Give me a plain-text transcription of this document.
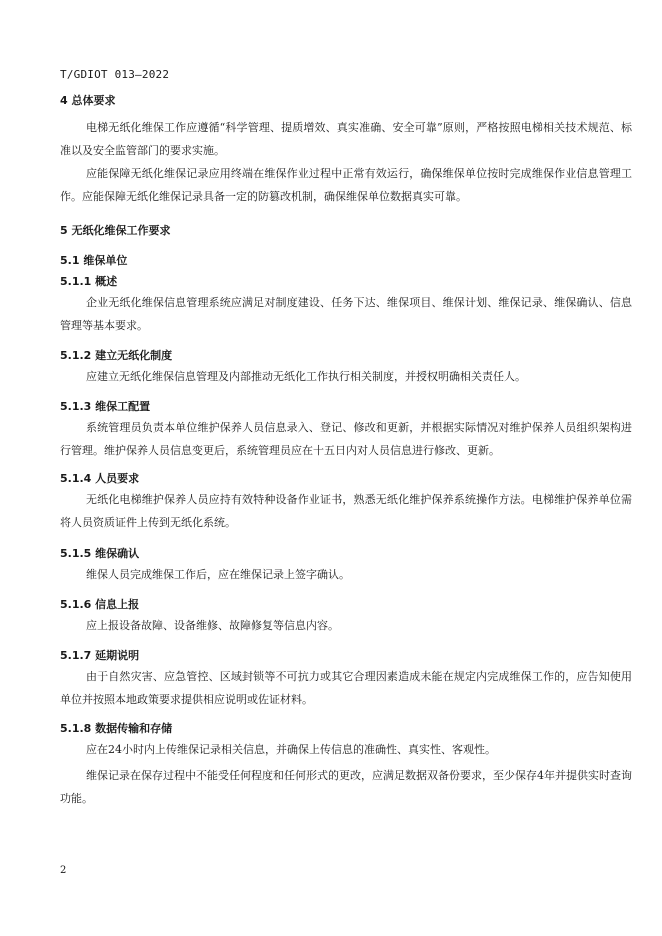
T/GDIOT 013—2022
4 总体要求

电梯无纸化维保工作应遵循“科学管理、提质增效、真实准确、安全可靠”原则，严格按照电梯相关技术规范、标准以及安全监管部门的要求实施。

应能保障无纸化维保记录应用终端在维保作业过程中正常有效运行，确保维保单位按时完成维保作业信息管理工作。应能保障无纸化维保记录具备一定的防篡改机制，确保维保单位数据真实可靠。

5 无纸化维保工作要求
5.1 维保单位
5.1.1 概述

企业无纸化维保信息管理系统应满足对制度建设、任务下达、维保项目、维保计划、维保记录、维保确认、信息管理等基本要求。

5.1.2 建立无纸化制度

应建立无纸化维保信息管理及内部推动无纸化工作执行相关制度，并授权明确相关责任人。

5.1.3 维保工配置

系统管理员负责本单位维护保养人员信息录入、登记、修改和更新，并根据实际情况对维护保养人员组织架构进行管理。维护保养人员信息变更后，系统管理员应在十五日内对人员信息进行修改、更新。

5.1.4 人员要求

无纸化电梯维护保养人员应持有效特种设备作业证书，熟悉无纸化维护保养系统操作方法。电梯维护保养单位需将人员资质证件上传到无纸化系统。

5.1.5 维保确认

维保人员完成维保工作后，应在维保记录上签字确认。

5.1.6 信息上报

应上报设备故障、设备维修、故障修复等信息内容。

5.1.7 延期说明

由于自然灾害、应急管控、区域封锁等不可抗力或其它合理因素造成未能在规定内完成维保工作的，应告知使用单位并按照本地政策要求提供相应说明或佐证材料。

5.1.8 数据传输和存储

应在24小时内上传维保记录相关信息，并确保上传信息的准确性、真实性、客观性。

维保记录在保存过程中不能受任何程度和任何形式的更改，应满足数据双备份要求，至少保存4年并提供实时查询功能。

2
